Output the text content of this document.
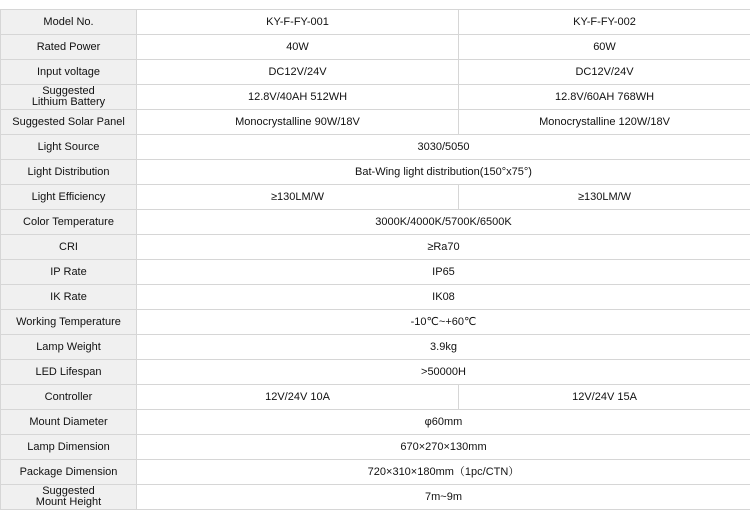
Model No.	KY-F-FY-001	KY-F-FY-002
Rated Power	40W	60W
Input voltage	DC12V/24V	DC12V/24V
Suggested
Lithium Battery	12.8V/40AH 512WH	12.8V/60AH 768WH
Suggested Solar Panel	Monocrystalline 90W/18V	Monocrystalline 120W/18V
Light Source	3030/5050	
Light Distribution	Bat-Wing light distribution(150°x75°)	
Light Efficiency	≥130LM/W	≥130LM/W
Color Temperature	3000K/4000K/5700K/6500K	
CRI	≥Ra70	
IP Rate	IP65	
IK Rate	IK08	
Working Temperature	-10℃~+60℃	
Lamp Weight	3.9kg	
LED Lifespan	>50000H	
Controller	12V/24V 10A	12V/24V 15A
Mount Diameter	φ60mm	
Lamp Dimension	670×270×130mm	
Package Dimension	720×310×180mm（1pc/CTN）	
Suggested
Mount Height	7m~9m	
